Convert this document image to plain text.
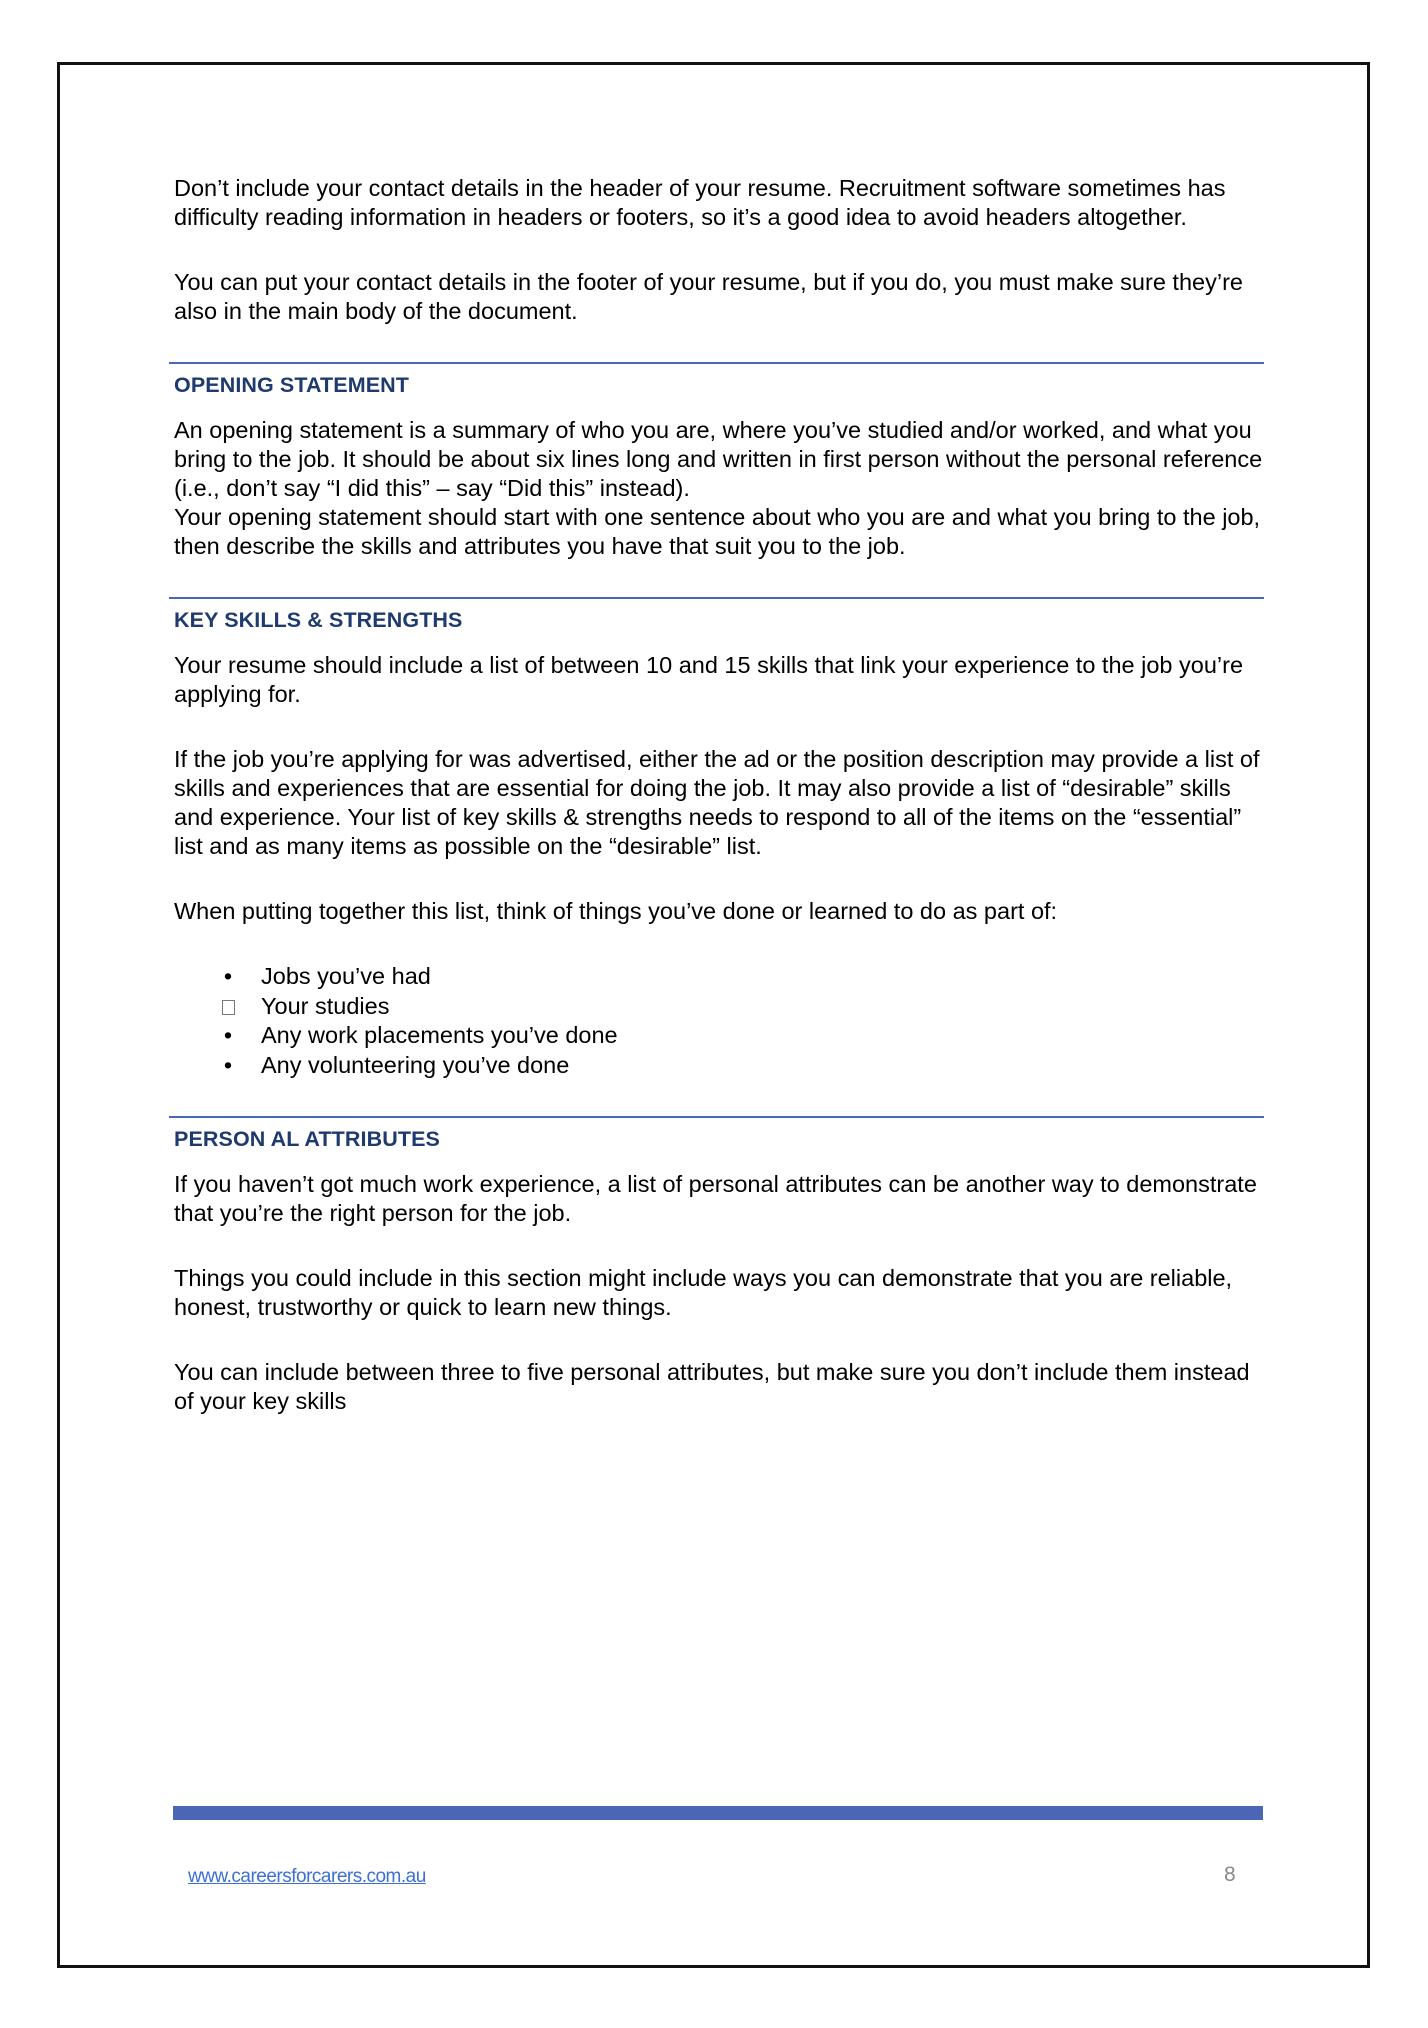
Don’t include your contact details in the header of your resume. Recruitment software sometimes has difficulty reading information in headers or footers, so it’s a good idea to avoid headers altogether.

You can put your contact details in the footer of your resume, but if you do, you must make sure they’re also in the main body of the document.

OPENING STATEMENT

An opening statement is a summary of who you are, where you’ve studied and/or worked, and what you bring to the job. It should be about six lines long and written in first person without the personal reference (i.e., don’t say “I did this” – say “Did this” instead).

Your opening statement should start with one sentence about who you are and what you bring to the job, then describe the skills and attributes you have that suit you to the job.

KEY SKILLS & STRENGTHS

Your resume should include a list of between 10 and 15 skills that link your experience to the job you’re applying for.

If the job you’re applying for was advertised, either the ad or the position description may provide a list of skills and experiences that are essential for doing the job. It may also provide a list of “desirable” skills and experience. Your list of key skills & strengths needs to respond to all of the items on the “essential” list and as many items as possible on the “desirable” list.

When putting together this list, think of things you’ve done or learned to do as part of:

• Jobs you’ve had
Your studies
• Any work placements you’ve done
• Any volunteering you’ve done
PERSON AL ATTRIBUTES

If you haven’t got much work experience, a list of personal attributes can be another way to demonstrate that you’re the right person for the job.

Things you could include in this section might include ways you can demonstrate that you are reliable, honest, trustworthy or quick to learn new things.

You can include between three to five personal attributes, but make sure you don’t include them instead of your key skills

www.careersforcarers.com.au	8
